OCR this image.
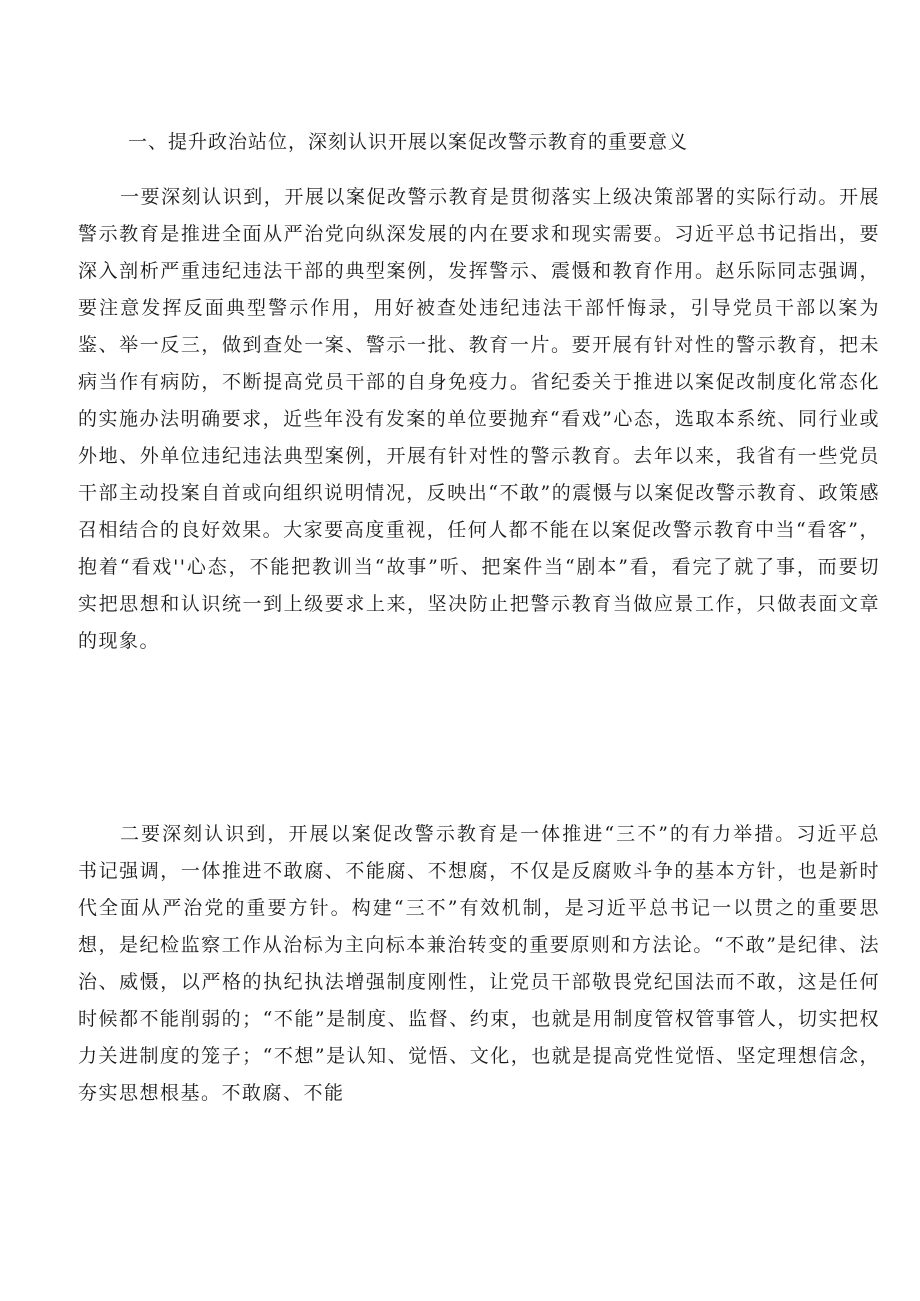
一、提升政治站位，深刻认识开展以案促改警示教育的重要意义

一要深刻认识到，开展以案促改警示教育是贯彻落实上级决策部署的实际行动。开展警示教育是推进全面从严治党向纵深发展的内在要求和现实需要。习近平总书记指出，要深入剖析严重违纪违法干部的典型案例，发挥警示、震慑和教育作用。赵乐际同志强调，要注意发挥反面典型警示作用，用好被查处违纪违法干部忏悔录，引导党员干部以案为鉴、举一反三，做到查处一案、警示一批、教育一片。要开展有针对性的警示教育，把未病当作有病防，不断提高党员干部的自身免疫力。省纪委关于推进以案促改制度化常态化的实施办法明确要求，近些年没有发案的单位要抛弃“看戏”心态，选取本系统、同行业或外地、外单位违纪违法典型案例，开展有针对性的警示教育。去年以来，我省有一些党员干部主动投案自首或向组织说明情况，反映出“不敢”的震慑与以案促改警示教育、政策感召相结合的良好效果。大家要高度重视，任何人都不能在以案促改警示教育中当“看客”，抱着“看戏''心态，不能把教训当“故事”听、把案件当“剧本”看，看完了就了事，而要切实把思想和认识统一到上级要求上来，坚决防止把警示教育当做应景工作，只做表面文章的现象。

二要深刻认识到，开展以案促改警示教育是一体推进“三不”的有力举措。习近平总书记强调，一体推进不敢腐、不能腐、不想腐，不仅是反腐败斗争的基本方针，也是新时代全面从严治党的重要方针。构建“三不”有效机制，是习近平总书记一以贯之的重要思想，是纪检监察工作从治标为主向标本兼治转变的重要原则和方法论。“不敢”是纪律、法治、威慑，以严格的执纪执法增强制度刚性，让党员干部敬畏党纪国法而不敢，这是任何时候都不能削弱的；“不能”是制度、监督、约束，也就是用制度管权管事管人，切实把权力关进制度的笼子；“不想”是认知、觉悟、文化，也就是提高党性觉悟、坚定理想信念，夯实思想根基。不敢腐、不能
